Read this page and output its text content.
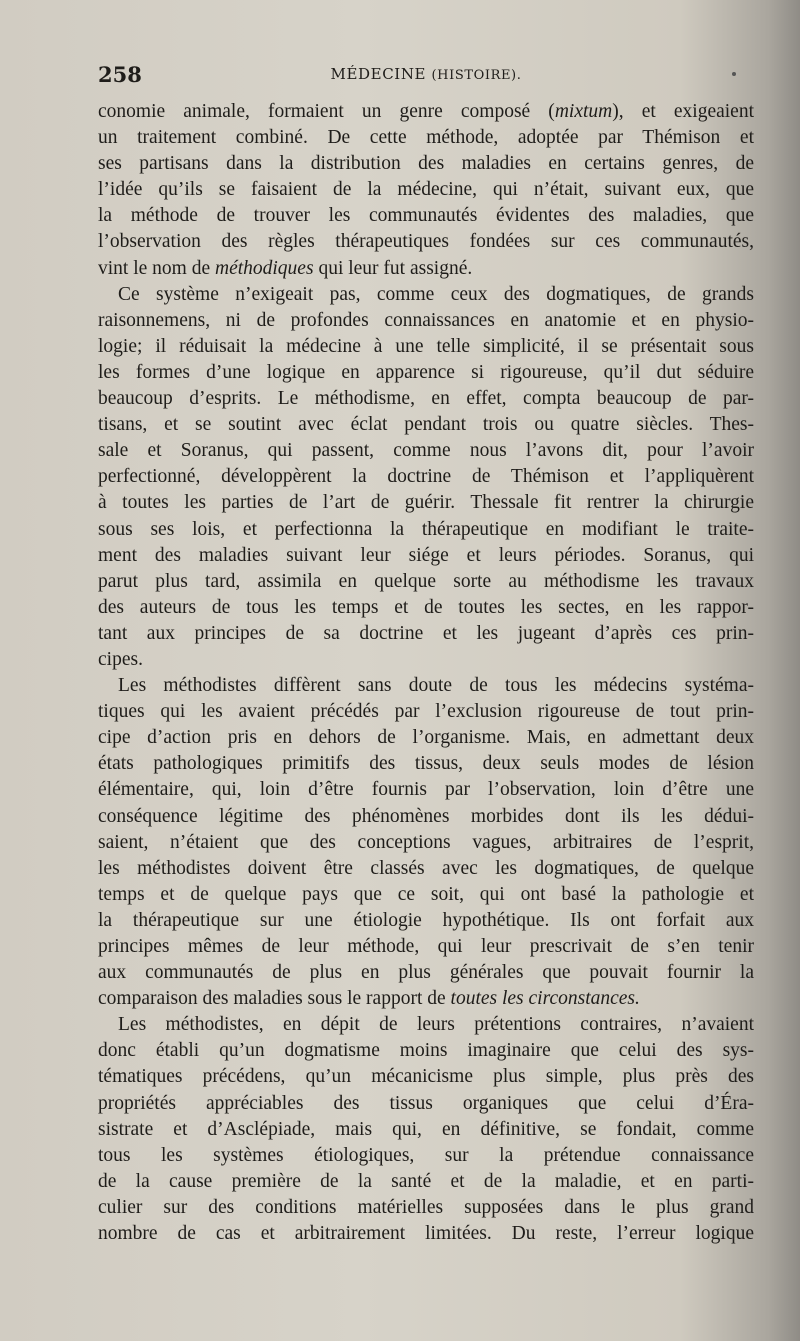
258	MÉDECINE (HISTOIRE).
conomie animale, formaient un genre composé (mixtum), et exigeaient
un traitement combiné. De cette méthode, adoptée par Thémison et
ses partisans dans la distribution des maladies en certains genres, de
l’idée qu’ils se faisaient de la médecine, qui n’était, suivant eux, que
la méthode de trouver les communautés évidentes des maladies, que
l’observation des règles thérapeutiques fondées sur ces communautés,
vint le nom de méthodiques qui leur fut assigné.
Ce système n’exigeait pas, comme ceux des dogmatiques, de grands
raisonnemens, ni de profondes connaissances en anatomie et en physio-
logie; il réduisait la médecine à une telle simplicité, il se présentait sous
les formes d’une logique en apparence si rigoureuse, qu’il dut séduire
beaucoup d’esprits. Le méthodisme, en effet, compta beaucoup de par-
tisans, et se soutint avec éclat pendant trois ou quatre siècles. Thes-
sale et Soranus, qui passent, comme nous l’avons dit, pour l’avoir
perfectionné, développèrent la doctrine de Thémison et l’appliquèrent
à toutes les parties de l’art de guérir. Thessale fit rentrer la chirurgie
sous ses lois, et perfectionna la thérapeutique en modifiant le traite-
ment des maladies suivant leur siége et leurs périodes. Soranus, qui
parut plus tard, assimila en quelque sorte au méthodisme les travaux
des auteurs de tous les temps et de toutes les sectes, en les rappor-
tant aux principes de sa doctrine et les jugeant d’après ces prin-
cipes.
Les méthodistes diffèrent sans doute de tous les médecins systéma-
tiques qui les avaient précédés par l’exclusion rigoureuse de tout prin-
cipe d’action pris en dehors de l’organisme. Mais, en admettant deux
états pathologiques primitifs des tissus, deux seuls modes de lésion
élémentaire, qui, loin d’être fournis par l’observation, loin d’être une
conséquence légitime des phénomènes morbides dont ils les dédui-
saient, n’étaient que des conceptions vagues, arbitraires de l’esprit,
les méthodistes doivent être classés avec les dogmatiques, de quelque
temps et de quelque pays que ce soit, qui ont basé la pathologie et
la thérapeutique sur une étiologie hypothétique. Ils ont forfait aux
principes mêmes de leur méthode, qui leur prescrivait de s’en tenir
aux communautés de plus en plus générales que pouvait fournir la
comparaison des maladies sous le rapport de toutes les circonstances.
Les méthodistes, en dépit de leurs prétentions contraires, n’avaient
donc établi qu’un dogmatisme moins imaginaire que celui des sys-
tématiques précédens, qu’un mécanicisme plus simple, plus près des
propriétés appréciables des tissus organiques que celui d’Éra-
sistrate et d’Asclépiade, mais qui, en définitive, se fondait, comme
tous les systèmes étiologiques, sur la prétendue connaissance
de la cause première de la santé et de la maladie, et en parti-
culier sur des conditions matérielles supposées dans le plus grand
nombre de cas et arbitrairement limitées. Du reste, l’erreur logique
